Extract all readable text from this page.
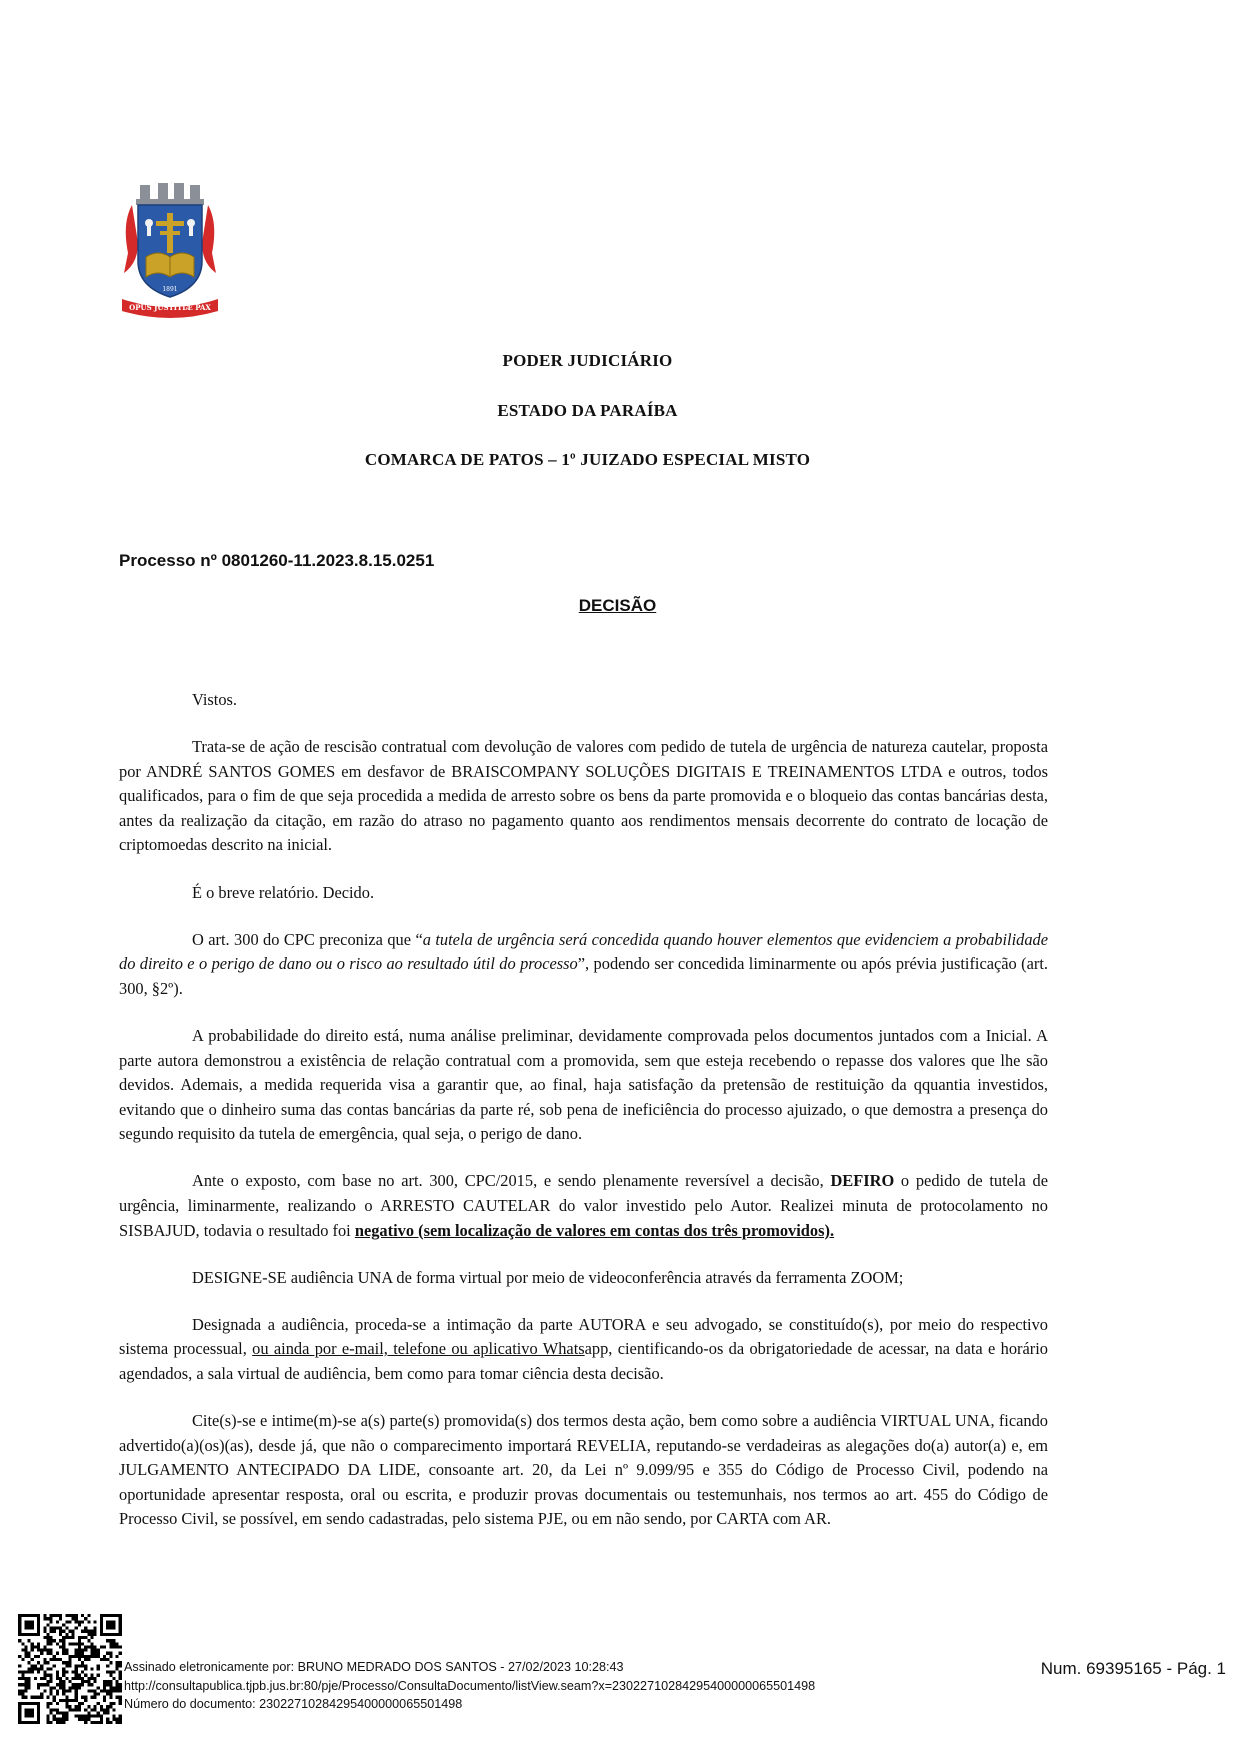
1891
OPUS JUSTITIÆ PAX
PODER JUDICIÁRIO
ESTADO DA PARAÍBA
COMARCA DE PATOS – 1º JUIZADO ESPECIAL MISTO
Processo nº 0801260-11.2023.8.15.0251
DECISÃO

Vistos.

Trata-se de ação de rescisão contratual com devolução de valores com pedido de tutela de urgência de natureza cautelar, proposta por ANDRÉ SANTOS GOMES em desfavor de BRAISCOMPANY SOLUÇÕES DIGITAIS E TREINAMENTOS LTDA e outros, todos qualificados, para o fim de que seja procedida a medida de arresto sobre os bens da parte promovida e o bloqueio das contas bancárias desta, antes da realização da citação, em razão do atraso no pagamento quanto aos rendimentos mensais decorrente do contrato de locação de criptomoedas descrito na inicial.

É o breve relatório. Decido.

O art. 300 do CPC preconiza que “a tutela de urgência será concedida quando houver elementos que evidenciem a probabilidade do direito e o perigo de dano ou o risco ao resultado útil do processo”, podendo ser concedida liminarmente ou após prévia justificação (art. 300, §2º).

A probabilidade do direito está, numa análise preliminar, devidamente comprovada pelos documentos juntados com a Inicial. A parte autora demonstrou a existência de relação contratual com a promovida, sem que esteja recebendo o repasse dos valores que lhe são devidos. Ademais, a medida requerida visa a garantir que, ao final, haja satisfação da pretensão de restituição da qquantia investidos, evitando que o dinheiro suma das contas bancárias da parte ré, sob pena de ineficiência do processo ajuizado, o que demostra a presença do segundo requisito da tutela de emergência, qual seja, o perigo de dano.

Ante o exposto, com base no art. 300, CPC/2015, e sendo plenamente reversível a decisão, DEFIRO o pedido de tutela de urgência, liminarmente, realizando o ARRESTO CAUTELAR do valor investido pelo Autor. Realizei minuta de protocolamento no SISBAJUD, todavia o resultado foi negativo (sem localização de valores em contas dos três promovidos).

DESIGNE-SE audiência UNA de forma virtual por meio de videoconferência através da ferramenta ZOOM;

Designada a audiência, proceda-se a intimação da parte AUTORA e seu advogado, se constituído(s), por meio do respectivo sistema processual, ou ainda por e-mail, telefone ou aplicativo Whatsapp, cientificando-os da obrigatoriedade de acessar, na data e horário agendados, a sala virtual de audiência, bem como para tomar ciência desta decisão.

Cite(s)-se e intime(m)-se a(s) parte(s) promovida(s) dos termos desta ação, bem como sobre a audiência VIRTUAL UNA, ficando advertido(a)(os)(as), desde já, que não o comparecimento importará REVELIA, reputando-se verdadeiras as alegações do(a) autor(a) e, em JULGAMENTO ANTECIPADO DA LIDE, consoante art. 20, da Lei nº 9.099/95 e 355 do Código de Processo Civil, podendo na oportunidade apresentar resposta, oral ou escrita, e produzir provas documentais ou testemunhais, nos termos ao art. 455 do Código de Processo Civil, se possível, em sendo cadastradas, pelo sistema PJE, ou em não sendo, por CARTA com AR.

Assinado eletronicamente por: BRUNO MEDRADO DOS SANTOS - 27/02/2023 10:28:43
http://consultapublica.tjpb.jus.br:80/pje/Processo/ConsultaDocumento/listView.seam?x=23022710284295400000065501498
Número do documento: 23022710284295400000065501498
Num. 69395165 - Pág. 1
